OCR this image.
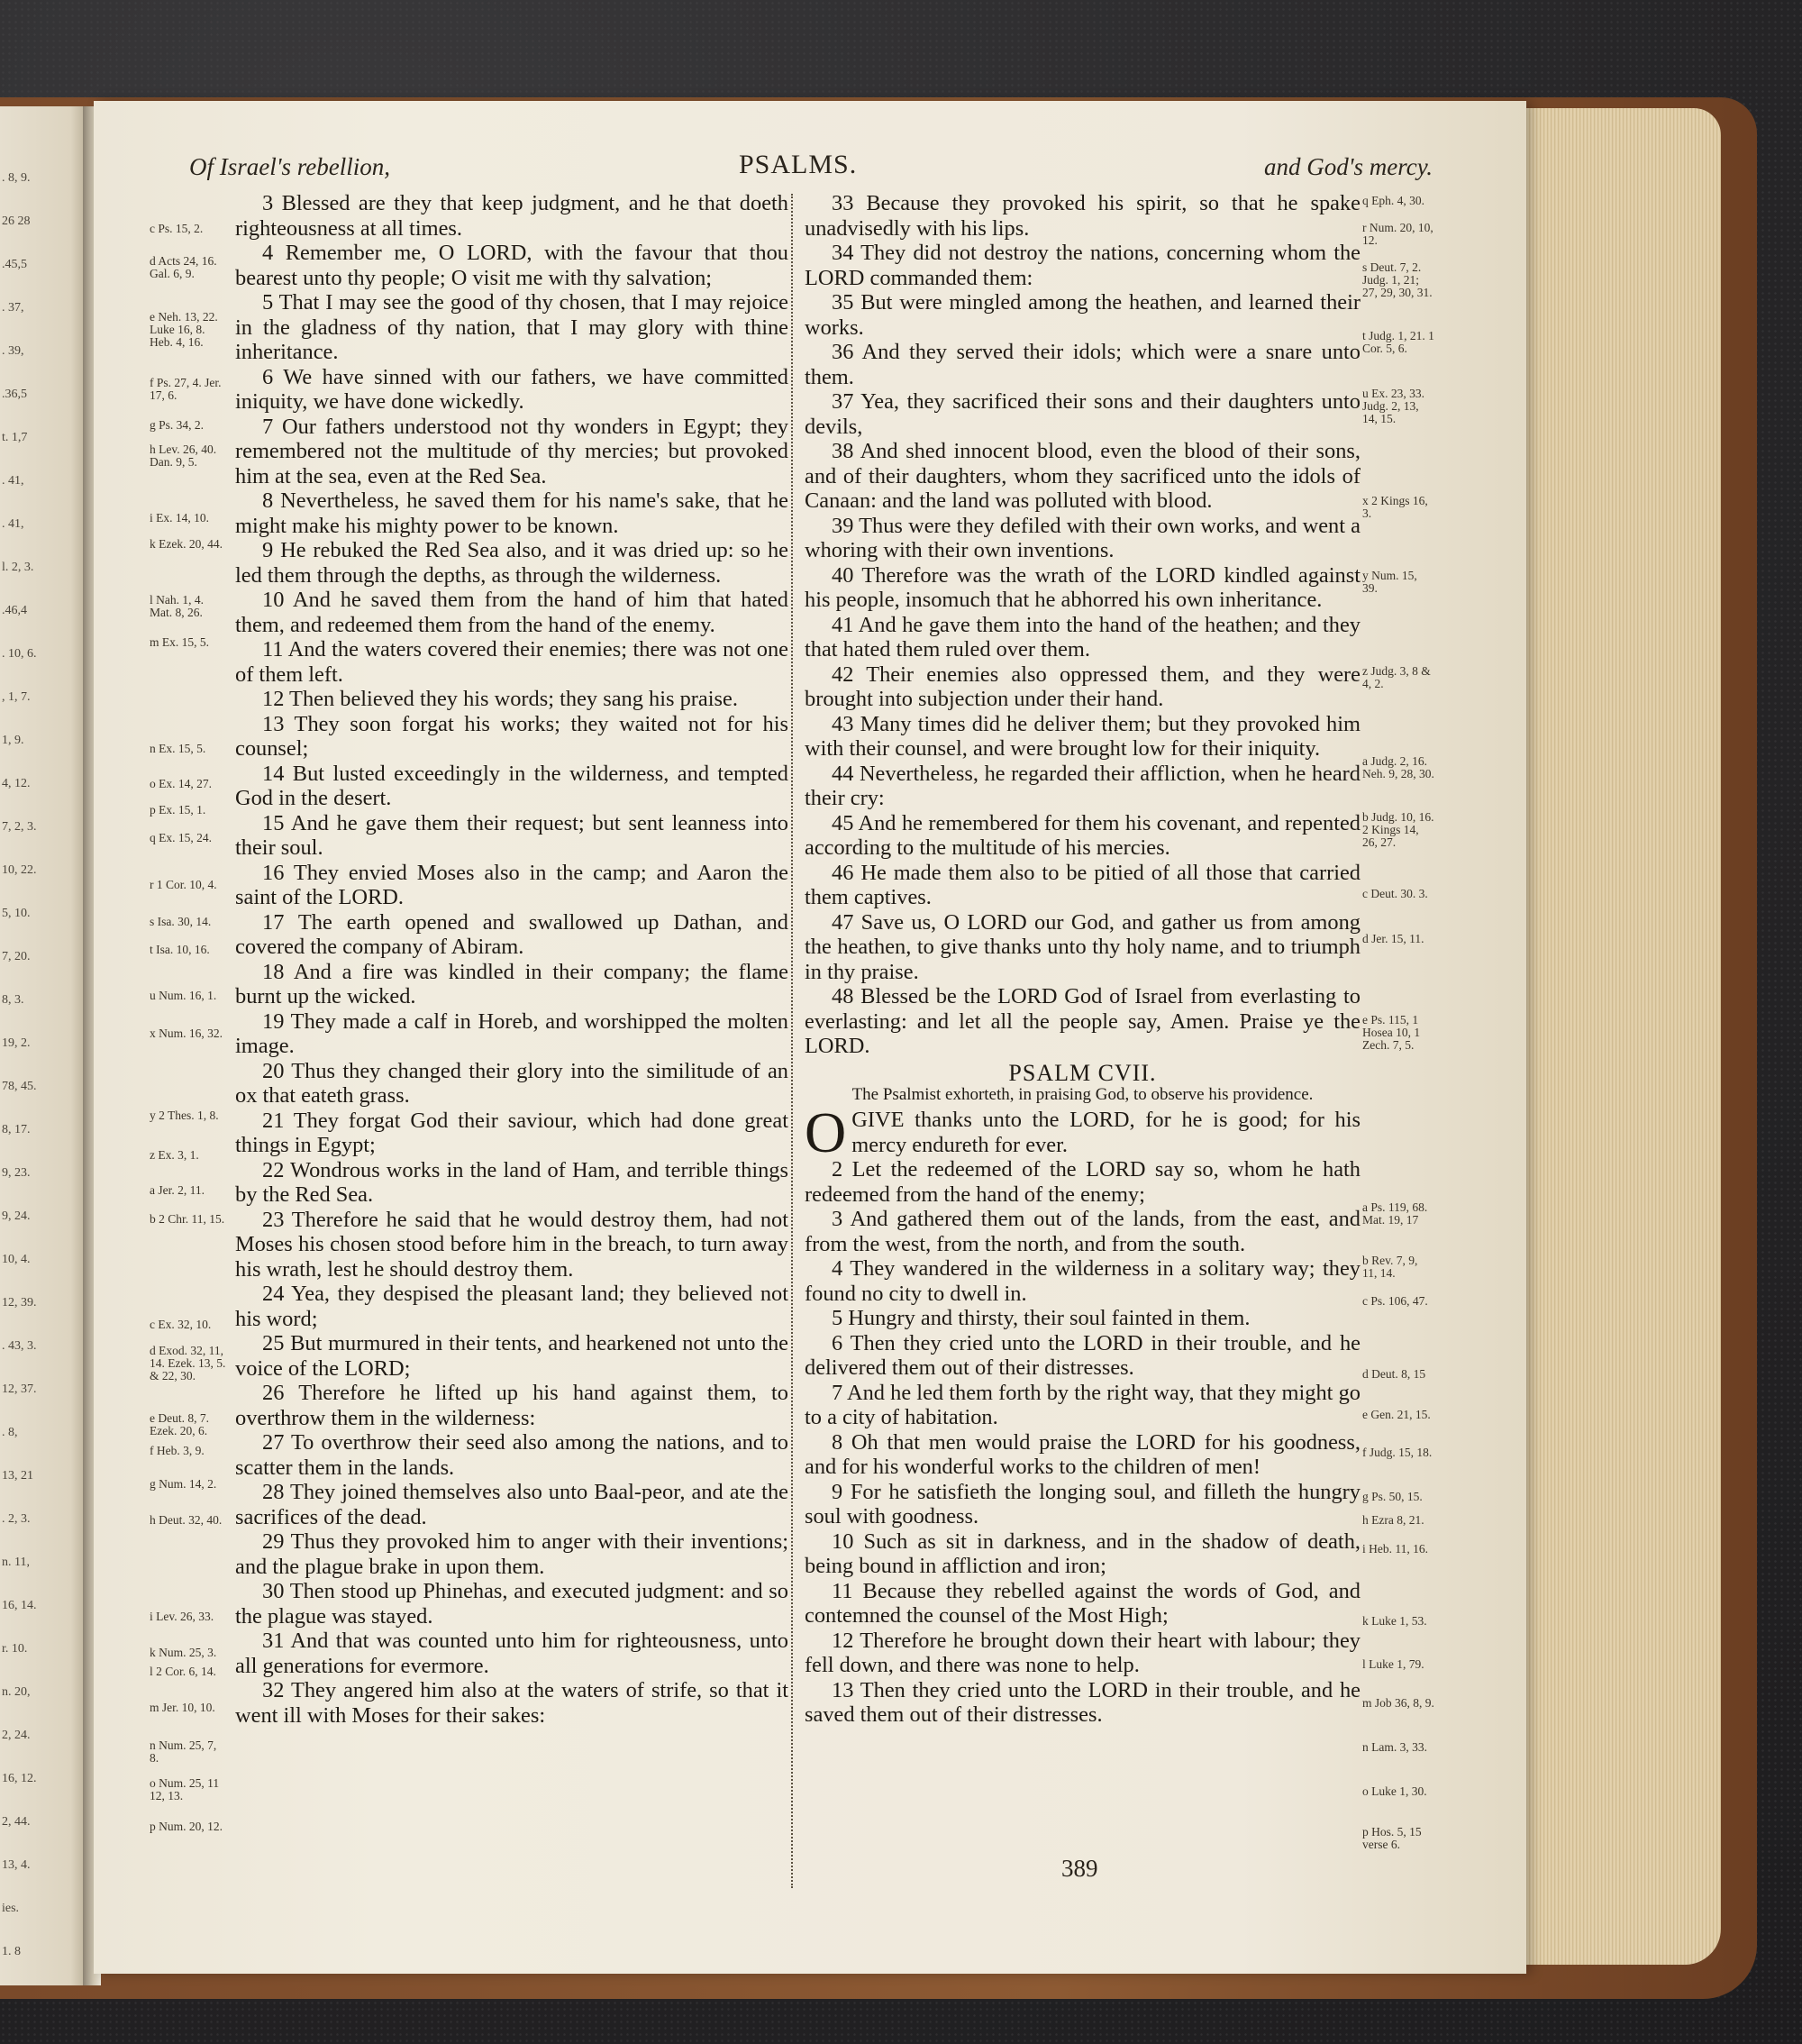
. 8, 9.
26 28
.45,5
. 37,
. 39,
.36,5
t. 1,7
. 41,
. 41,
l. 2, 3.
.46,4
. 10, 6.
, 1, 7.
1, 9.
4, 12.
7, 2, 3.
10, 22.
5, 10.
7, 20.
8, 3.
19, 2.
78, 45.
8, 17.
9, 23.
9, 24.
10, 4.
12, 39.
. 43, 3.
12, 37.
. 8,
13, 21
. 2, 3.
n. 11,
16, 14.
r. 10.
n. 20,
2, 24.
16, 12.
2, 44.
13, 4.
ies.
1. 8
Of Israel's rebellion,	PSALMS.	and God's mercy.

3 Blessed are they that keep judgment, and he that doeth righteousness at all times.

4 Remember me, O LORD, with the favour that thou bearest unto thy people; O visit me with thy salvation;

5 That I may see the good of thy chosen, that I may rejoice in the gladness of thy nation, that I may glory with thine inheritance.

6 We have sinned with our fathers, we have committed iniquity, we have done wickedly.

7 Our fathers understood not thy wonders in Egypt; they remembered not the multitude of thy mercies; but provoked him at the sea, even at the Red Sea.

8 Nevertheless, he saved them for his name's sake, that he might make his mighty power to be known.

9 He rebuked the Red Sea also, and it was dried up: so he led them through the depths, as through the wilderness.

10 And he saved them from the hand of him that hated them, and redeemed them from the hand of the enemy.

11 And the waters covered their enemies; there was not one of them left.

12 Then believed they his words; they sang his praise.

13 They soon forgat his works; they waited not for his counsel;

14 But lusted exceedingly in the wilderness, and tempted God in the desert.

15 And he gave them their request; but sent leanness into their soul.

16 They envied Moses also in the camp; and Aaron the saint of the LORD.

17 The earth opened and swallowed up Dathan, and covered the company of Abiram.

18 And a fire was kindled in their company; the flame burnt up the wicked.

19 They made a calf in Horeb, and worshipped the molten image.

20 Thus they changed their glory into the similitude of an ox that eateth grass.

21 They forgat God their saviour, which had done great things in Egypt;

22 Wondrous works in the land of Ham, and terrible things by the Red Sea.

23 Therefore he said that he would destroy them, had not Moses his chosen stood before him in the breach, to turn away his wrath, lest he should destroy them.

24 Yea, they despised the pleasant land; they believed not his word;

25 But murmured in their tents, and hearkened not unto the voice of the LORD;

26 Therefore he lifted up his hand against them, to overthrow them in the wilderness:

27 To overthrow their seed also among the nations, and to scatter them in the lands.

28 They joined themselves also unto Baal-peor, and ate the sacrifices of the dead.

29 Thus they provoked him to anger with their inventions; and the plague brake in upon them.

30 Then stood up Phinehas, and executed judgment: and so the plague was stayed.

31 And that was counted unto him for righteousness, unto all generations for evermore.

32 They angered him also at the waters of strife, so that it went ill with Moses for their sakes:

33 Because they provoked his spirit, so that he spake unadvisedly with his lips.

34 They did not destroy the nations, concerning whom the LORD commanded them:

35 But were mingled among the heathen, and learned their works.

36 And they served their idols; which were a snare unto them.

37 Yea, they sacrificed their sons and their daughters unto devils,

38 And shed innocent blood, even the blood of their sons, and of their daughters, whom they sacrificed unto the idols of Canaan: and the land was polluted with blood.

39 Thus were they defiled with their own works, and went a whoring with their own inventions.

40 Therefore was the wrath of the LORD kindled against his people, insomuch that he abhorred his own inheritance.

41 And he gave them into the hand of the heathen; and they that hated them ruled over them.

42 Their enemies also oppressed them, and they were brought into subjection under their hand.

43 Many times did he deliver them; but they provoked him with their counsel, and were brought low for their iniquity.

44 Nevertheless, he regarded their affliction, when he heard their cry:

45 And he remembered for them his covenant, and repented according to the multitude of his mercies.

46 He made them also to be pitied of all those that carried them captives.

47 Save us, O LORD our God, and gather us from among the heathen, to give thanks unto thy holy name, and to triumph in thy praise.

48 Blessed be the LORD God of Israel from everlasting to everlasting: and let all the people say, Amen. Praise ye the LORD.

PSALM CVII.
The Psalmist exhorteth, in praising God, to observe his providence.

OGIVE thanks unto the LORD, for he is good; for his mercy endureth for ever.

2 Let the redeemed of the LORD say so, whom he hath redeemed from the hand of the enemy;

3 And gathered them out of the lands, from the east, and from the west, from the north, and from the south.

4 They wandered in the wilderness in a solitary way; they found no city to dwell in.

5 Hungry and thirsty, their soul fainted in them.

6 Then they cried unto the LORD in their trouble, and he delivered them out of their distresses.

7 And he led them forth by the right way, that they might go to a city of habitation.

8 Oh that men would praise the LORD for his goodness, and for his wonderful works to the children of men!

9 For he satisfieth the longing soul, and filleth the hungry soul with goodness.

10 Such as sit in darkness, and in the shadow of death, being bound in affliction and iron;

11 Because they rebelled against the words of God, and contemned the counsel of the Most High;

12 Therefore he brought down their heart with labour; they fell down, and there was none to help.

13 Then they cried unto the LORD in their trouble, and he saved them out of their distresses.

c Ps. 15, 2.
d Acts 24, 16. Gal. 6, 9.
e Neh. 13, 22. Luke 16, 8. Heb. 4, 16.
f Ps. 27, 4. Jer. 17, 6.
g Ps. 34, 2.
h Lev. 26, 40. Dan. 9, 5.
i Ex. 14, 10.
k Ezek. 20, 44.
l Nah. 1, 4. Mat. 8, 26.
m Ex. 15, 5.
n Ex. 15, 5.
o Ex. 14, 27.
p Ex. 15, 1.
q Ex. 15, 24.
r 1 Cor. 10, 4.
s Isa. 30, 14.
t Isa. 10, 16.
u Num. 16, 1.
x Num. 16, 32.
y 2 Thes. 1, 8.
z Ex. 3, 1.
a Jer. 2, 11.
b 2 Chr. 11, 15.
c Ex. 32, 10.
d Exod. 32, 11, 14. Ezek. 13, 5. & 22, 30.
e Deut. 8, 7. Ezek. 20, 6.
f Heb. 3, 9.
g Num. 14, 2.
h Deut. 32, 40.
i Lev. 26, 33.
k Num. 25, 3.
l 2 Cor. 6, 14.
m Jer. 10, 10.
n Num. 25, 7, 8.
o Num. 25, 11 12, 13.
p Num. 20, 12.
q Eph. 4, 30.
r Num. 20, 10, 12.
s Deut. 7, 2. Judg. 1, 21; 27, 29, 30, 31.
t Judg. 1, 21. 1 Cor. 5, 6.
u Ex. 23, 33. Judg. 2, 13, 14, 15.
x 2 Kings 16, 3.
y Num. 15, 39.
z Judg. 3, 8 & 4, 2.
a Judg. 2, 16. Neh. 9, 28, 30.
b Judg. 10, 16. 2 Kings 14, 26, 27.
c Deut. 30. 3.
d Jer. 15, 11.
e Ps. 115, 1 Hosea 10, 1 Zech. 7, 5.
a Ps. 119, 68. Mat. 19, 17
b Rev. 7, 9, 11, 14.
c Ps. 106, 47.
d Deut. 8, 15
e Gen. 21, 15.
f Judg. 15, 18.
g Ps. 50, 15.
h Ezra 8, 21.
i Heb. 11, 16.
k Luke 1, 53.
l Luke 1, 79.
m Job 36, 8, 9.
n Lam. 3, 33.
o Luke 1, 30.
p Hos. 5, 15 verse 6.
389
